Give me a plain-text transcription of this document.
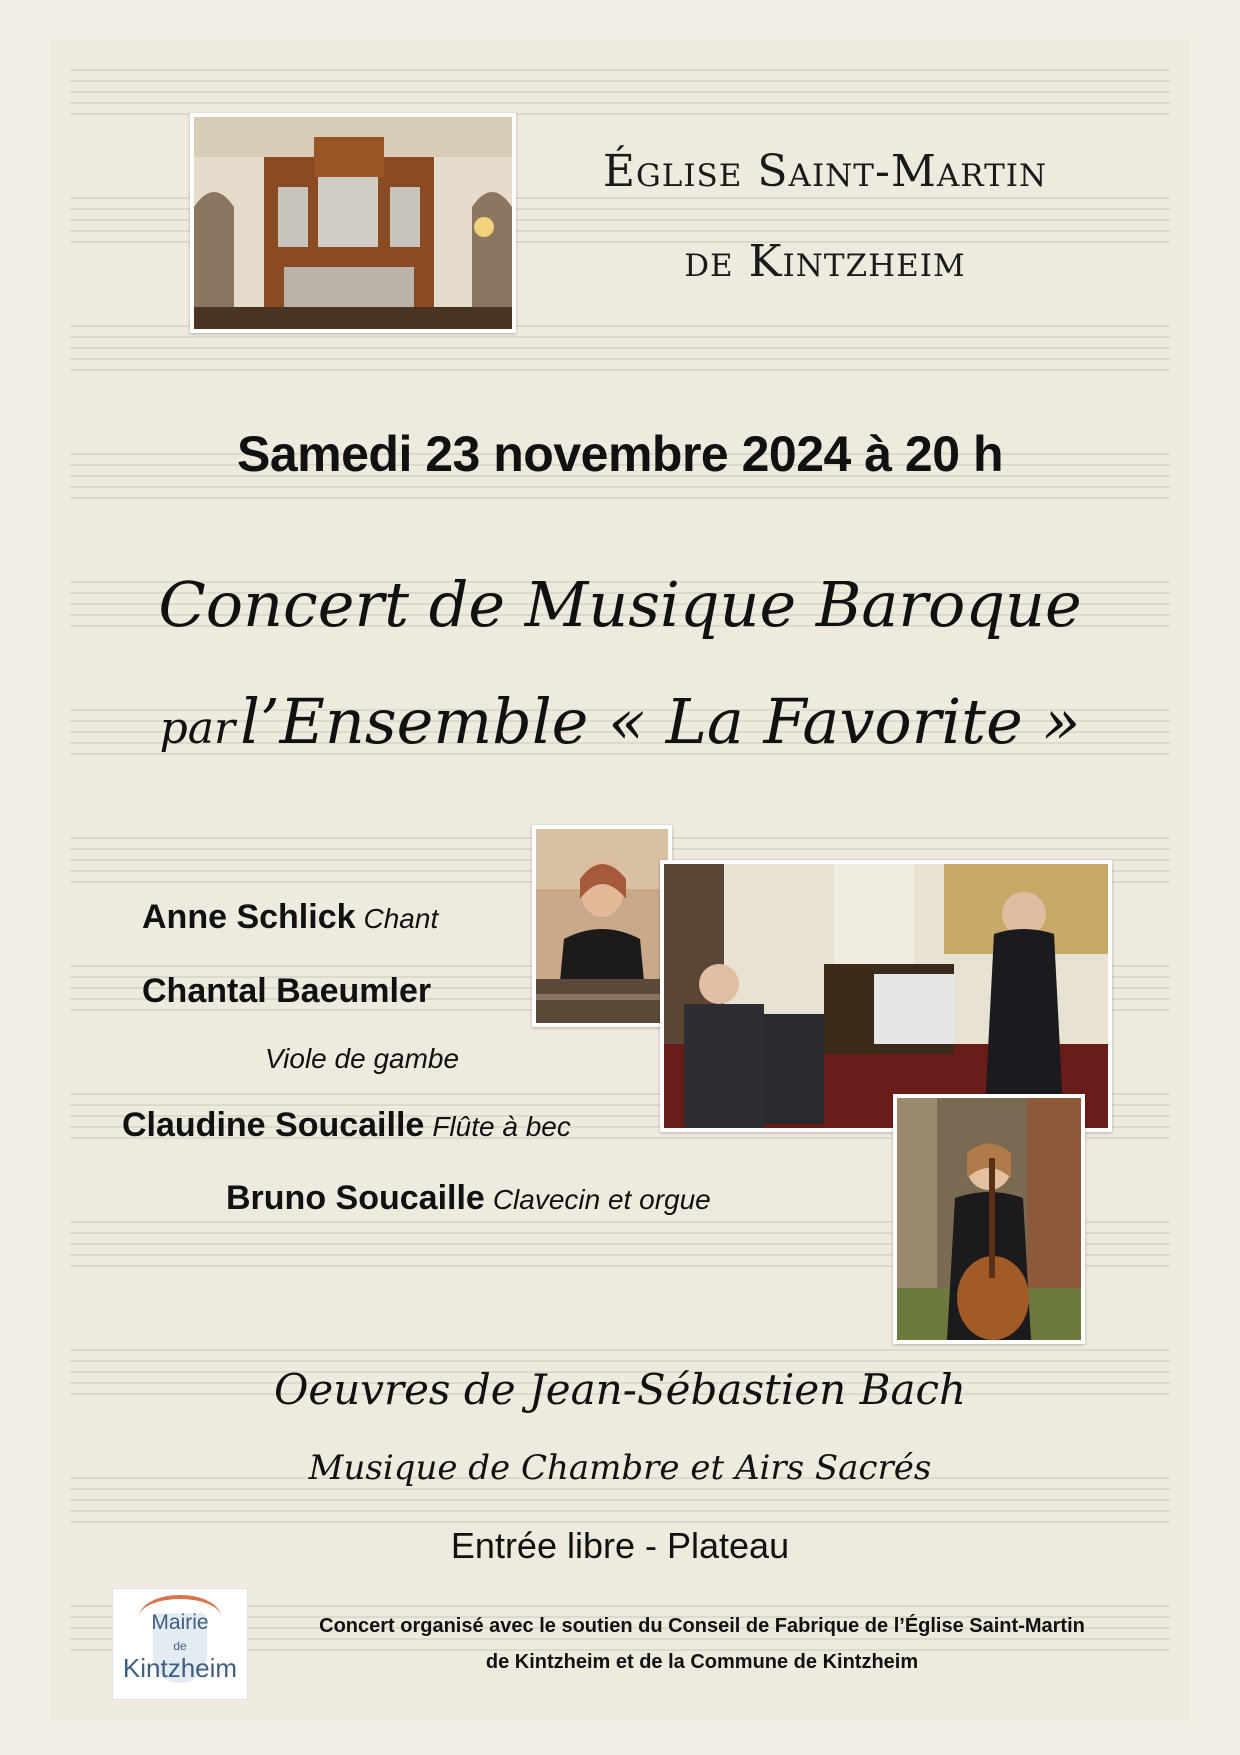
Église Saint-Martin
de Kintzheim
Samedi 23 novembre 2024 à 20 h
Concert de Musique Baroque
par l’Ensemble « La Favorite »
Anne Schlick Chant
Chantal Baeumler
Viole de gambe
Claudine Soucaille Flûte à bec
Bruno Soucaille Clavecin et orgue
Oeuvres de Jean-Sébastien Bach
Musique de Chambre et Airs Sacrés
Entrée libre - Plateau
Mairie
de
Kintzheim
Concert organisé avec le soutien du Conseil de Fabrique de l’Église Saint-Martin
de Kintzheim et de la Commune de Kintzheim
